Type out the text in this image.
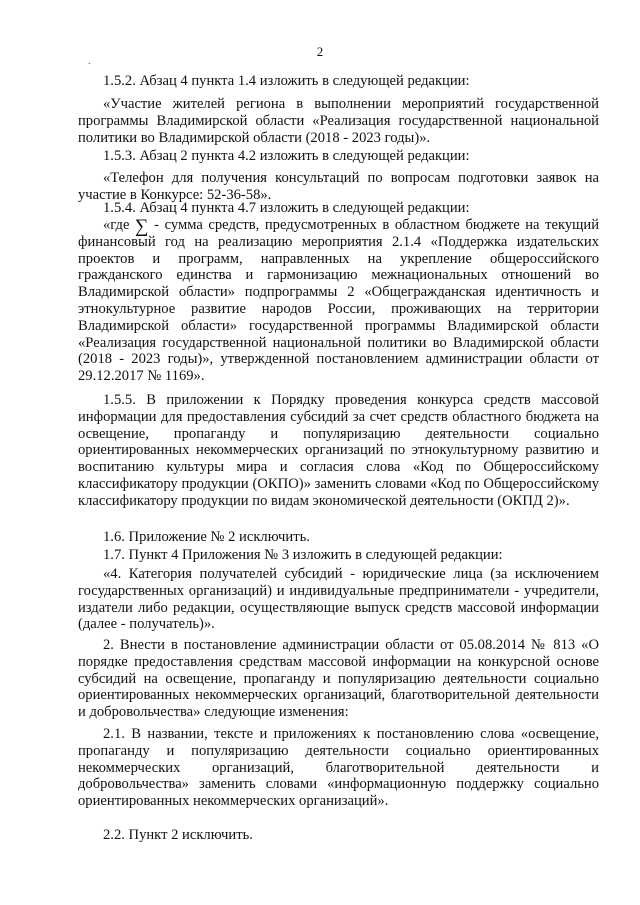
2
.
1.5.2. Абзац 4 пункта 1.4 изложить в следующей редакции:
«Участие жителей региона в выполнении мероприятий государственной программы Владимирской области «Реализация государственной национальной политики во Владимирской области (2018 - 2023 годы)».
1.5.3. Абзац 2 пункта 4.2 изложить в следующей редакции:
«Телефон для получения консультаций по вопросам подготовки заявок на участие в Конкурсе: 52-36-58».
1.5.4. Абзац 4 пункта 4.7 изложить в следующей редакции:
«где ∑ - сумма средств, предусмотренных в областном бюджете на текущий финансовый год на реализацию мероприятия 2.1.4 «Поддержка издательских проектов и программ, направленных на укрепление общероссийского гражданского единства и гармонизацию межнациональных отношений во Владимирской области» подпрограммы 2 «Общегражданская идентичность и этнокультурное развитие народов России, проживающих на территории Владимирской области» государственной программы Владимирской области «Реализация государственной национальной политики во Владимирской области (2018 - 2023 годы)», утвержденной постановлением администрации области от 29.12.2017 № 1169».
1.5.5. В приложении к Порядку проведения конкурса средств массовой информации для предоставления субсидий за счет средств областного бюджета на освещение, пропаганду и популяризацию деятельности социально ориентированных некоммерческих организаций по этнокультурному развитию и воспитанию культуры мира и согласия слова «Код по Общероссийскому классификатору продукции (ОКПО)» заменить словами «Код по Общероссийскому классификатору продукции по видам экономической деятельности (ОКПД 2)».
1.6. Приложение № 2 исключить.
1.7. Пункт 4 Приложения № 3 изложить в следующей редакции:
«4. Категория получателей субсидий - юридические лица (за исключением государственных организаций) и индивидуальные предприниматели - учредители, издатели либо редакции, осуществляющие выпуск средств массовой информации (далее - получатель)».
2. Внести в постановление администрации области от 05.08.2014 № 813 «О порядке предоставления средствам массовой информации на конкурсной основе субсидий на освещение, пропаганду и популяризацию деятельности социально ориентированных некоммерческих организаций, благотворительной деятельности и добровольчества» следующие изменения:
2.1. В названии, тексте и приложениях к постановлению слова «освещение, пропаганду и популяризацию деятельности социально ориентированных некоммерческих организаций, благотворительной деятельности и добровольчества» заменить словами «информационную поддержку социально ориентированных некоммерческих организаций».
2.2. Пункт 2 исключить.
